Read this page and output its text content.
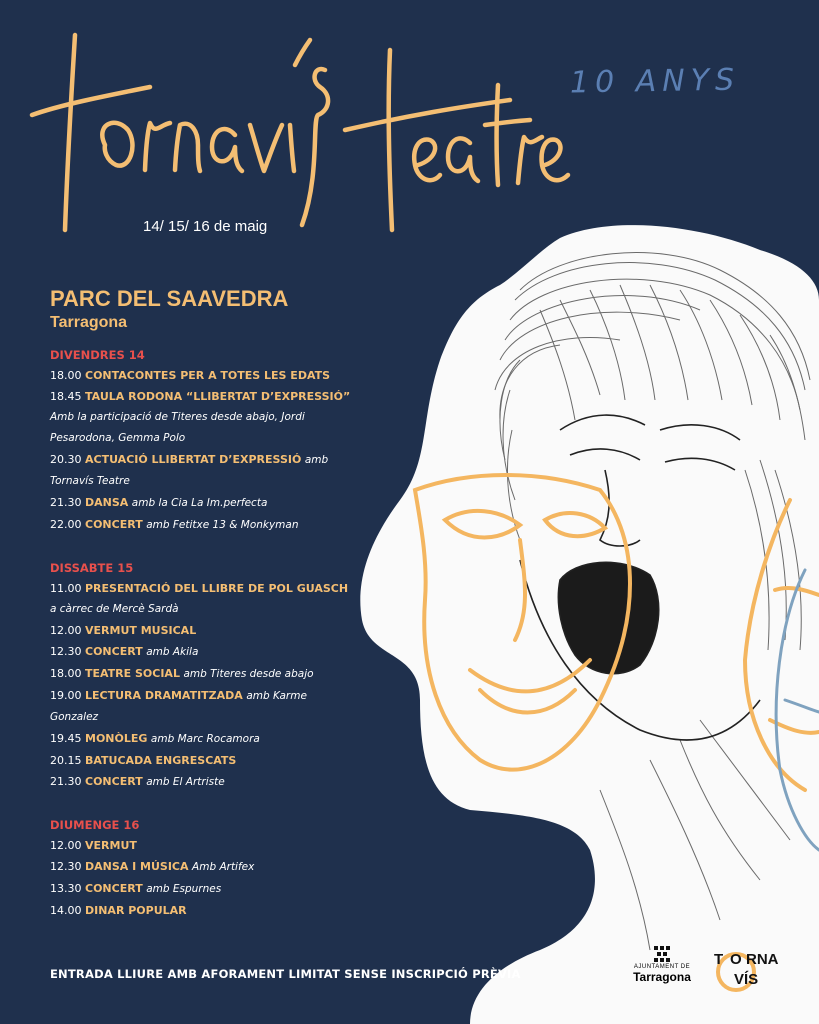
10 ANYS
14/ 15/ 16 de maig
PARC DEL SAAVEDRA
Tarragona
DIVENDRES 14
18.00 CONTACONTES PER A TOTES LES EDATS
18.45 TAULA RODONA “LLIBERTAT D’EXPRESSIÓ”
Amb la participació de Titeres desde abajo, Jordi
Pesarodona, Gemma Polo
20.30 ACTUACIÓ LLIBERTAT D’EXPRESSIÓ amb
Tornavís Teatre
21.30 DANSA amb la Cia La Im.perfecta
22.00 CONCERT amb Fetitxe 13 & Monkyman
DISSABTE 15
11.00 PRESENTACIÓ DEL LLIBRE DE POL GUASCH
a càrrec de Mercè Sardà
12.00 VERMUT MUSICAL
12.30 CONCERT amb Akila
18.00 TEATRE SOCIAL amb Titeres desde abajo
19.00 LECTURA DRAMATITZADA amb Karme
Gonzalez
19.45 MONÒLEG amb Marc Rocamora
20.15 BATUCADA ENGRESCATS
21.30 CONCERT amb El Artriste
DIUMENGE 16
12.00 VERMUT
12.30 DANSA I MÚSICA Amb Artifex
13.30 CONCERT amb Espurnes
14.00 DINAR POPULAR
ENTRADA LLIURE AMB AFORAMENT LIMITAT SENSE INSCRIPCIÓ PRÈVIA	AJUNTAMENT DE
Tarragona
T O RNA
VÍS
